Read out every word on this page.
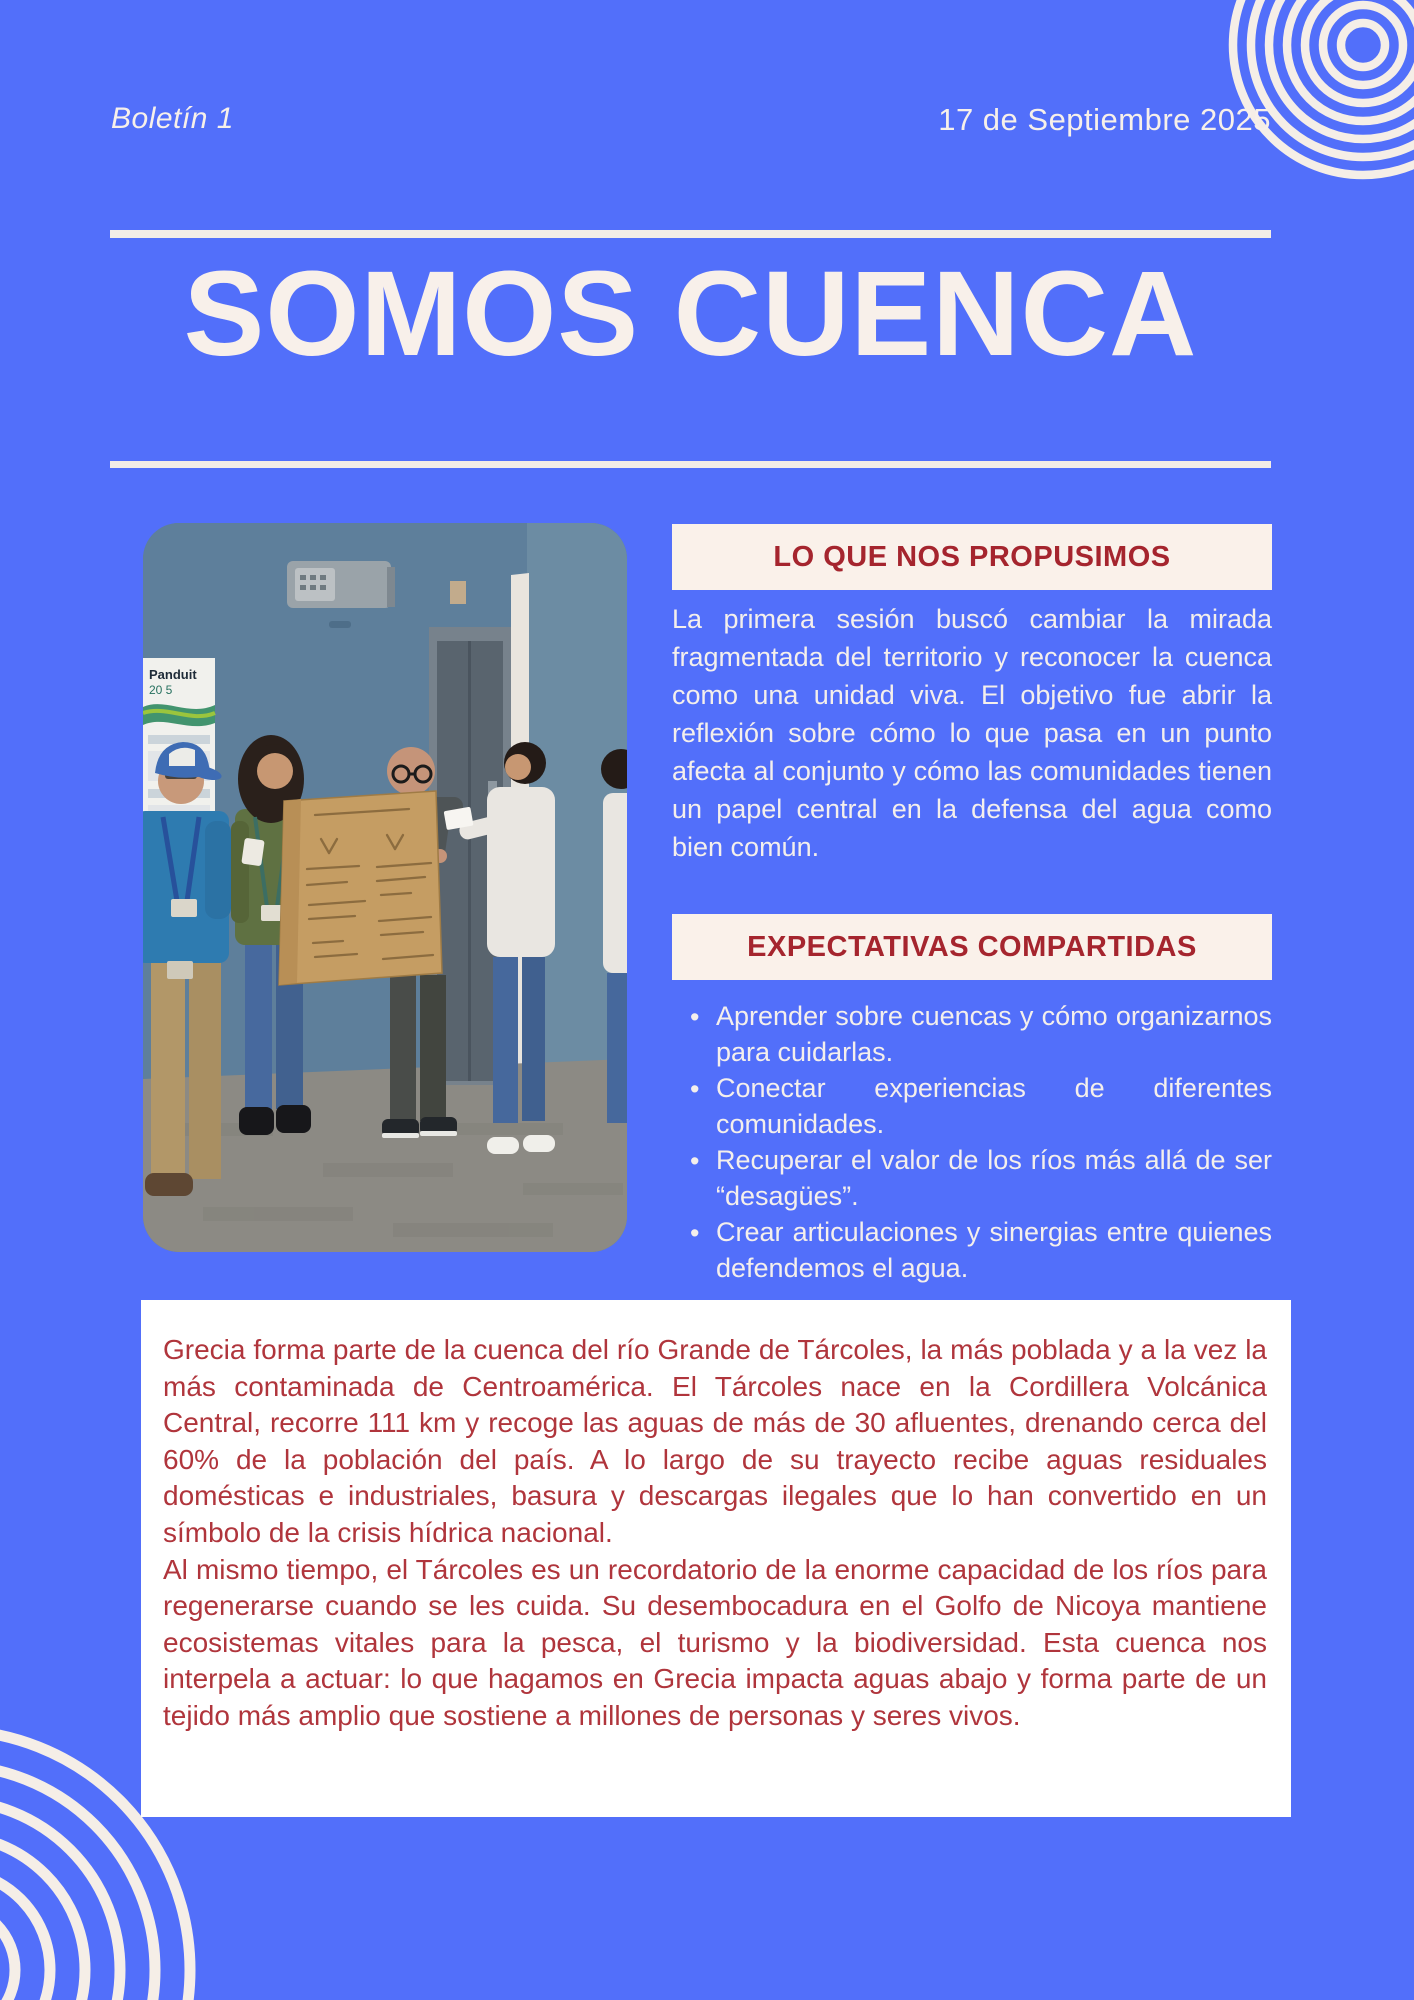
Boletín 1	17 de Septiembre 2025
SOMOS CUENCA
Panduit
20 5
LO QUE NOS PROPUSIMOS
La primera sesión buscó cambiar la mirada fragmentada del territorio y reconocer la cuenca como una unidad viva. El objetivo fue abrir la reflexión sobre cómo lo que pasa en un punto afecta al conjunto y cómo las comunidades tienen un papel central en la defensa del agua como bien común.
EXPECTATIVAS COMPARTIDAS
• Aprender sobre cuencas y cómo organizarnos para cuidarlas.
• Conectar experiencias de diferentes comunidades.
• Recuperar el valor de los ríos más allá de ser “desagües”.
• Crear articulaciones y sinergias entre quienes defendemos el agua.

Grecia forma parte de la cuenca del río Grande de Tárcoles, la más poblada y a la vez la más contaminada de Centroamérica. El Tárcoles nace en la Cordillera Volcánica Central, recorre 111 km y recoge las aguas de más de 30 afluentes, drenando cerca del 60% de la población del país. A lo largo de su trayecto recibe aguas residuales domésticas e industriales, basura y descargas ilegales que lo han convertido en un símbolo de la crisis hídrica nacional.

Al mismo tiempo, el Tárcoles es un recordatorio de la enorme capacidad de los ríos para regenerarse cuando se les cuida. Su desembocadura en el Golfo de Nicoya mantiene ecosistemas vitales para la pesca, el turismo y la biodiversidad. Esta cuenca nos interpela a actuar: lo que hagamos en Grecia impacta aguas abajo y forma parte de un tejido más amplio que sostiene a millones de personas y seres vivos.
